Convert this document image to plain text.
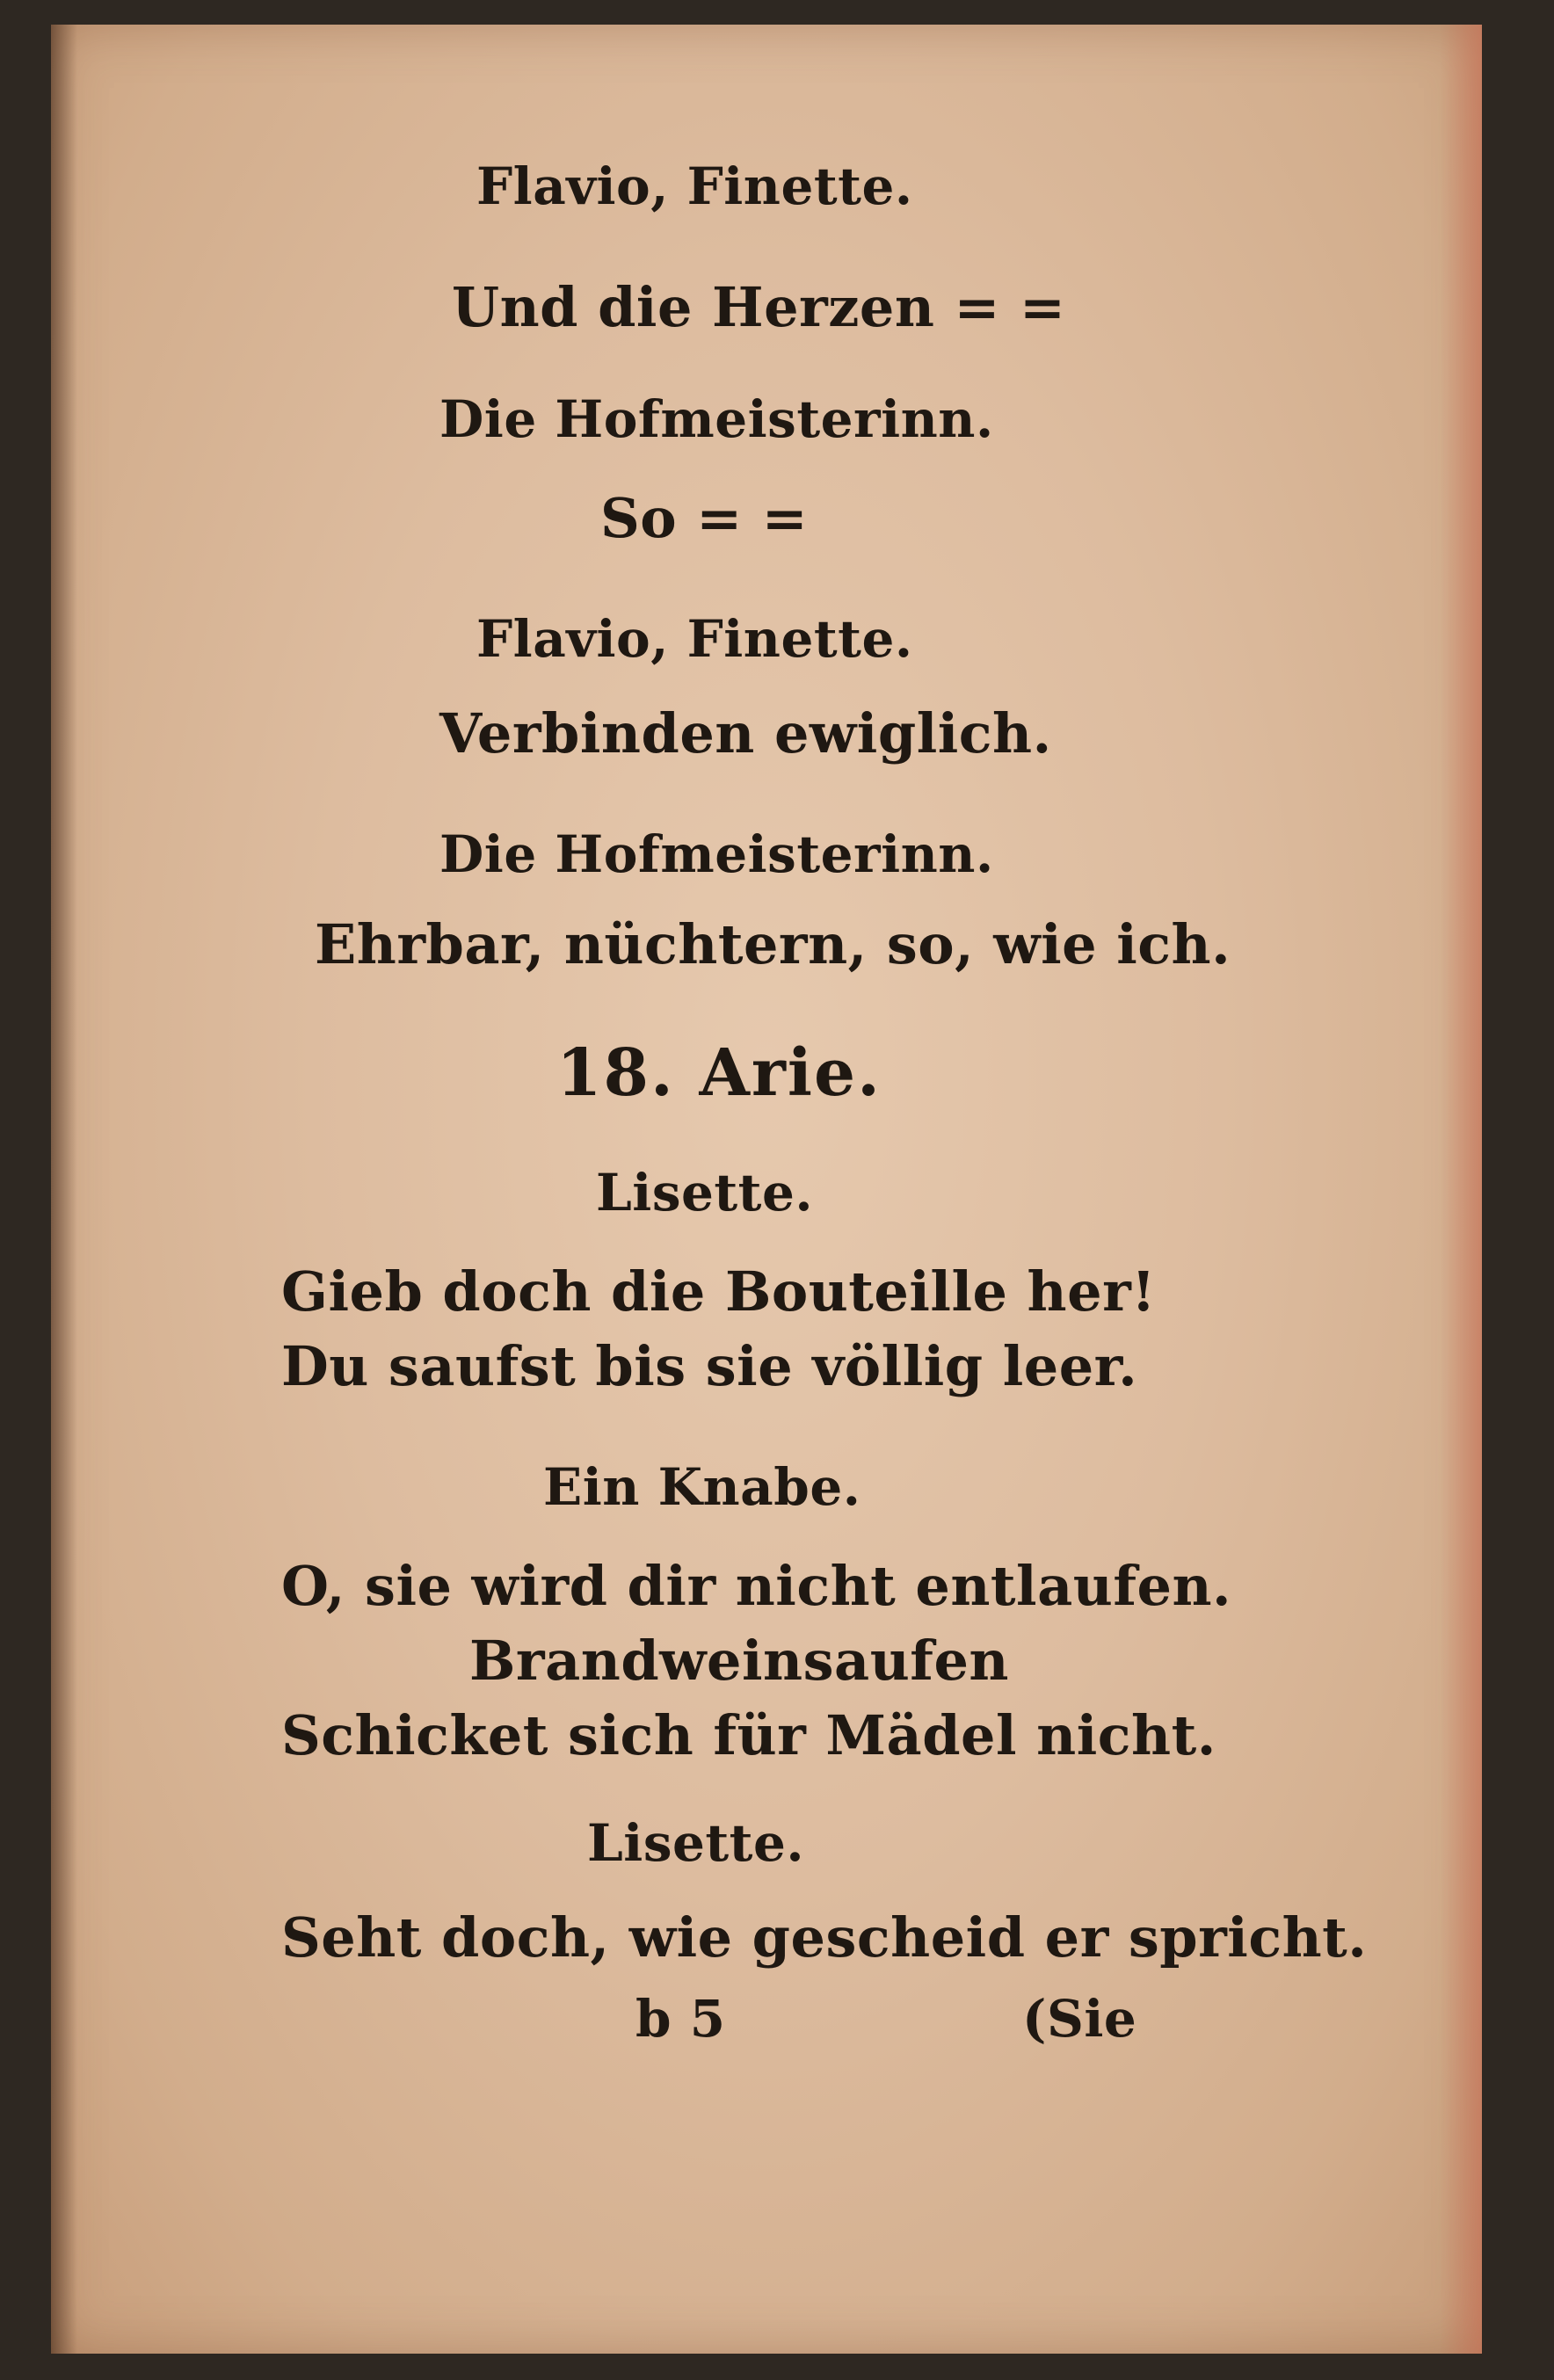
Flavio, Finette.
Und die Herzen = =
Die Hofmeisterinn.
So = =
Flavio, Finette.
Verbinden ewiglich.
Die Hofmeisterinn.
Ehrbar, nüchtern, so, wie ich.
18. Arie.
Lisette.
Gieb doch die Bouteille her!
Du saufst bis sie völlig leer.
Ein Knabe.
O, sie wird dir nicht entlaufen.
Brandweinsaufen
Schicket sich für Mädel nicht.
Lisette.
Seht doch, wie gescheid er spricht.
b 5	(Sie
